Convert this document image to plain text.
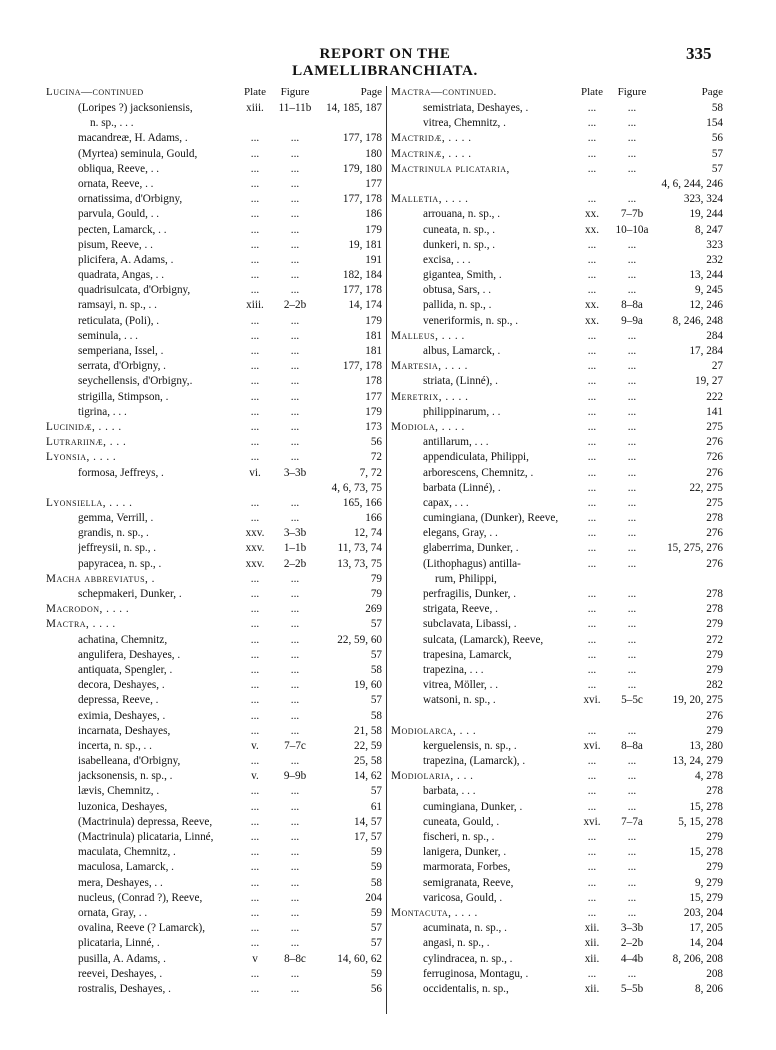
REPORT ON THE LAMELLIBRANCHIATA.
335
Lucina—continued	Plate	Figure	Page
(Loripes ?) jacksoniensis,	xiii.	11–11b	14, 185, 187
n. sp., . . .
macandreæ, H. Adams, .	...	...	177, 178
(Myrtea) seminula, Gould,	...	...	180
obliqua, Reeve, . .	...	...	179, 180
ornata, Reeve, . .	...	...	177
ornatissima, d'Orbigny,	...	...	177, 178
parvula, Gould, . .	...	...	186
pecten, Lamarck, . .	...	...	179
pisum, Reeve, . .	...	...	19, 181
plicifera, A. Adams, .	...	...	191
quadrata, Angas, . .	...	...	182, 184
quadrisulcata, d'Orbigny,	...	...	177, 178
ramsayi, n. sp., . .	xiii.	2–2b	14, 174
reticulata, (Poli), .	...	...	179
seminula, . . .	...	...	181
semperiana, Issel, .	...	...	181
serrata, d'Orbigny, .	...	...	177, 178
seychellensis, d'Orbigny,.	...	...	178
strigilla, Stimpson, .	...	...	177
tigrina, . . .	...	...	179
Lucinidæ, . . . .	...	...	173
Lutrariinæ, . . .	...	...	56
Lyonsia, . . . .	...	...	72
formosa, Jeffreys, .	vi.	3–3b	7, 72
4, 6, 73, 75
Lyonsiella, . . . .	...	...	165, 166
gemma, Verrill, .	...	...	166
grandis, n. sp., .	xxv.	3–3b	12, 74
jeffreysii, n. sp., .	xxv.	1–1b	11, 73, 74
papyracea, n. sp., .	xxv.	2–2b	13, 73, 75
Macha abbreviatus, .	...	...	79
schepmakeri, Dunker, .	...	...	79
Macrodon, . . . .	...	...	269
Mactra, . . . .	...	...	57
achatina, Chemnitz,	...	...	22, 59, 60
angulifera, Deshayes, .	...	...	57
antiquata, Spengler, .	...	...	58
decora, Deshayes, .	...	...	19, 60
depressa, Reeve, .	...	...	57
eximia, Deshayes, .	...	...	58
incarnata, Deshayes,	...	...	21, 58
incerta, n. sp., . .	v.	7–7c	22, 59
isabelleana, d'Orbigny,	...	...	25, 58
jacksonensis, n. sp., .	v.	9–9b	14, 62
lævis, Chemnitz, .	...	...	57
luzonica, Deshayes,	...	...	61
(Mactrinula) depressa, Reeve,	...	...	14, 57
(Mactrinula) plicataria, Linné,	...	...	17, 57
maculata, Chemnitz, .	...	...	59
maculosa, Lamarck, .	...	...	59
mera, Deshayes, . .	...	...	58
nucleus, (Conrad ?), Reeve,	...	...	204
ornata, Gray, . .	...	...	59
ovalina, Reeve (? Lamarck),	...	...	57
plicataria, Linné, .	...	...	57
pusilla, A. Adams, .	v	8–8c	14, 60, 62
reevei, Deshayes, .	...	...	59
rostralis, Deshayes, .	...	...	56
Mactra—continued.	Plate	Figure	Page
semistriata, Deshayes, .	...	...	58
vitrea, Chemnitz, .	...	...	154
Mactridæ, . . . .	...	...	56
Mactrinæ, . . . .	...	...	57
Mactrinula plicataria,	...	...	57
4, 6, 244, 246
Malletia, . . . .	...	...	323, 324
arrouana, n. sp., .	xx.	7–7b	19, 244
cuneata, n. sp., .	xx.	10–10a	8, 247
dunkeri, n. sp., .	...	...	323
excisa, . . .	...	...	232
gigantea, Smith, .	...	...	13, 244
obtusa, Sars, . .	...	...	9, 245
pallida, n. sp., .	xx.	8–8a	12, 246
veneriformis, n. sp., .	xx.	9–9a	8, 246, 248
Malleus, . . . .	...	...	284
albus, Lamarck, .	...	...	17, 284
Martesia, . . . .	...	...	27
striata, (Linné), .	...	...	19, 27
Meretrix, . . . .	...	...	222
philippinarum, . .	...	...	141
Modiola, . . . .	...	...	275
antillarum, . . .	...	...	276
appendiculata, Philippi,	...	...	726
arborescens, Chemnitz, .	...	...	276
barbata (Linné), .	...	...	22, 275
capax, . . .	...	...	275
cumingiana, (Dunker), Reeve,	...	...	278
elegans, Gray, . .	...	...	276
glaberrima, Dunker, .	...	...	15, 275, 276
(Lithophagus) antilla-	...	...	276
rum, Philippi,
perfragilis, Dunker, .	...	...	278
strigata, Reeve, .	...	...	278
subclavata, Libassi, .	...	...	279
sulcata, (Lamarck), Reeve,	...	...	272
trapesina, Lamarck,	...	...	279
trapezina, . . .	...	...	279
vitrea, Möller, . .	...	...	282
watsoni, n. sp., .	xvi.	5–5c	19, 20, 275
276
Modiolarca, . . .	...	...	279
kerguelensis, n. sp., .	xvi.	8–8a	13, 280
trapezina, (Lamarck), .	...	...	13, 24, 279
Modiolaria, . . .	...	...	4, 278
barbata, . . .	...	...	278
cumingiana, Dunker, .	...	...	15, 278
cuneata, Gould, .	xvi.	7–7a	5, 15, 278
fischeri, n. sp., .	...	...	279
lanigera, Dunker, .	...	...	15, 278
marmorata, Forbes,	...	...	279
semigranata, Reeve,	...	...	9, 279
varicosa, Gould, .	...	...	15, 279
Montacuta, . . . .	...	...	203, 204
acuminata, n. sp., .	xii.	3–3b	17, 205
angasi, n. sp., .	xii.	2–2b	14, 204
cylindracea, n. sp., .	xii.	4–4b	8, 206, 208
ferruginosa, Montagu, .	...	...	208
occidentalis, n. sp.,	xii.	5–5b	8, 206
